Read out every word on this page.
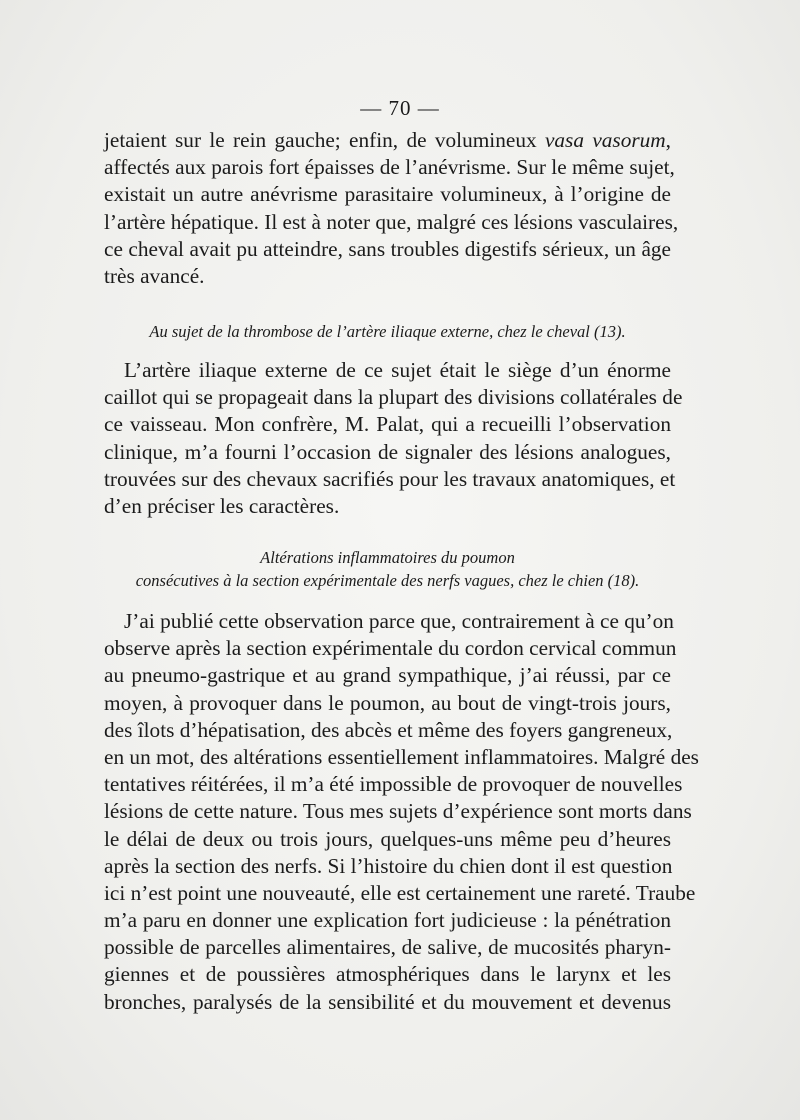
— 70 —
jetaient sur le rein gauche; enfin, de volumineux vasa vasorum,
affectés aux parois fort épaisses de l’anévrisme. Sur le même sujet,
existait un autre anévrisme parasitaire volumineux, à l’origine de
l’artère hépatique. Il est à noter que, malgré ces lésions vasculaires,
ce cheval avait pu atteindre, sans troubles digestifs sérieux, un âge
très avancé.
Au sujet de la thrombose de l’artère iliaque externe, chez le cheval (13).
L’artère iliaque externe de ce sujet était le siège d’un énorme
caillot qui se propageait dans la plupart des divisions collatérales de
ce vaisseau. Mon confrère, M. Palat, qui a recueilli l’observation
clinique, m’a fourni l’occasion de signaler des lésions analogues,
trouvées sur des chevaux sacrifiés pour les travaux anatomiques, et
d’en préciser les caractères.
Altérations inflammatoires du poumon
consécutives à la section expérimentale des nerfs vagues, chez le chien (18).
J’ai publié cette observation parce que, contrairement à ce qu’on
observe après la section expérimentale du cordon cervical commun
au pneumo-gastrique et au grand sympathique, j’ai réussi, par ce
moyen, à provoquer dans le poumon, au bout de vingt-trois jours,
des îlots d’hépatisation, des abcès et même des foyers gangreneux,
en un mot, des altérations essentiellement inflammatoires. Malgré des
tentatives réitérées, il m’a été impossible de provoquer de nouvelles
lésions de cette nature. Tous mes sujets d’expérience sont morts dans
le délai de deux ou trois jours, quelques-uns même peu d’heures
après la section des nerfs. Si l’histoire du chien dont il est question
ici n’est point une nouveauté, elle est certainement une rareté. Traube
m’a paru en donner une explication fort judicieuse : la pénétration
possible de parcelles alimentaires, de salive, de mucosités pharyn-
giennes et de poussières atmosphériques dans le larynx et les
bronches, paralysés de la sensibilité et du mouvement et devenus
